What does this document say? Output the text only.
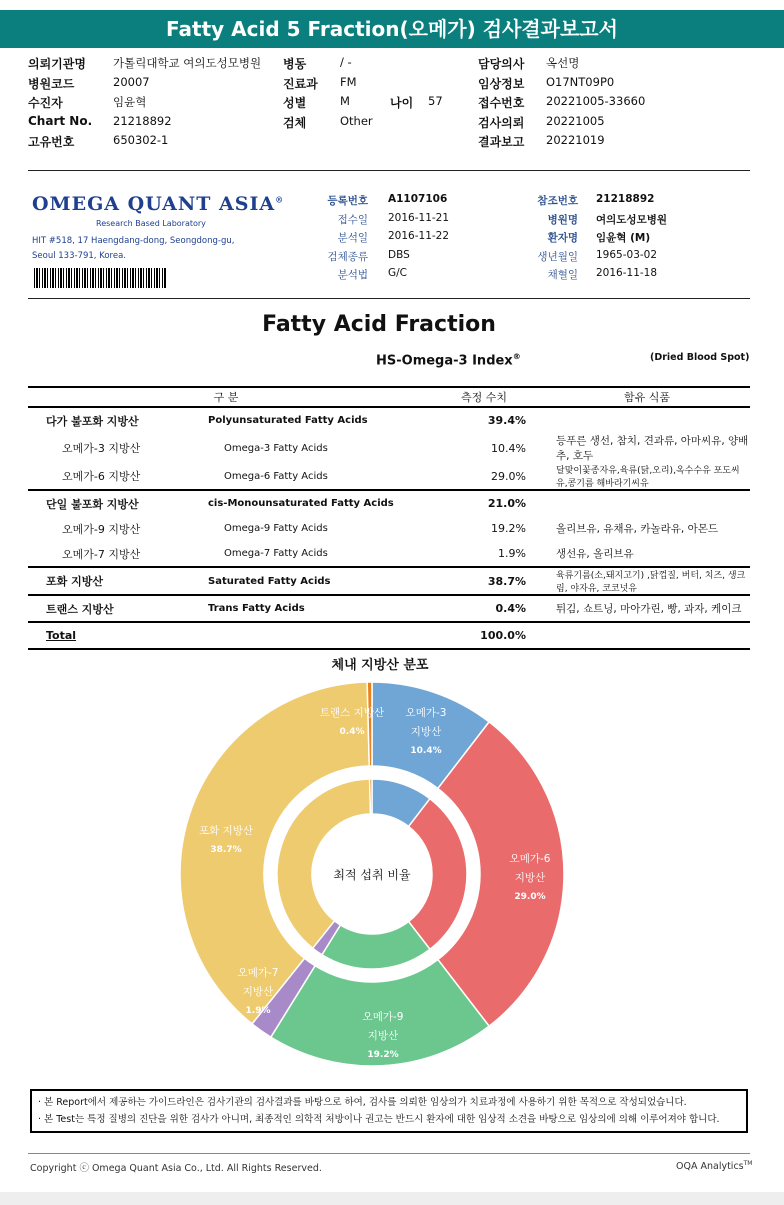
Fatty Acid 5 Fraction(오메가) 검사결과보고서
의뢰기관명 가톨릭대학교 여의도성모병원 병동	/ -	담당의사 옥선명
병원코드	20007	진료과 FM	임상정보 O17NT09P0
수진자	임윤혁	성별	M	나이 57	접수번호 20221005-33660
Chart No. 21218892	검체	Other	검사의뢰 20221005
고유번호	650302-1	결과보고 20221019
OMEGA QUANT ASIA®
Research Based Laboratory
HIT #518, 17 Haengdang-dong, Seongdong-gu,
Seoul 133-791, Korea.
등록번호 A1107106
접수일 2016-11-21
분석일 2016-11-22
검체종류 DBS
분석법 G/C
참조번호 21218892
병원명 여의도성모병원
환자명 임윤혁 (M)
생년월일 1965-03-02
채혈일 2016-11-18
Fatty Acid Fraction
HS-Omega-3 Index®	(Dried Blood Spot)
구 분		측정 수치	함유 식품
다가 불포화 지방산	Polyunsaturated Fatty Acids	39.4%	
오메가-3 지방산	Omega-3 Fatty Acids	10.4%	등푸른 생선, 참치, 견과류, 아마씨유, 양배추, 호두
오메가-6 지방산	Omega-6 Fatty Acids	29.0%	달맞이꽃종자유,육류(닭,오리),옥수수유 포도씨유,콩기름 해바라기씨유
단일 불포화 지방산	cis-Monounsaturated Fatty Acids	21.0%	
오메가-9 지방산	Omega-9 Fatty Acids	19.2%	올리브유, 유채유, 카놀라유, 아몬드
오메가-7 지방산	Omega-7 Fatty Acids	1.9%	생선유, 올리브유
포화 지방산	Saturated Fatty Acids	38.7%	육류기름(소,돼지고기) ,닭껍질, 버터, 치즈, 생크림, 야자유, 코코넛유
트랜스 지방산	Trans Fatty Acids	0.4%	튀김, 쇼트닝, 마아가린, 빵, 과자, 케이크
Total		100.0%	
체내 지방산 분포
최적 섭취 비율
오메가-3
지방산
10.4%
오메가-6
지방산
29.0%
오메가-9
지방산
19.2%
오메가-7
지방산
1.9%
포화 지방산
38.7%
트랜스 지방산
0.4%
· 본 Report에서 제공하는 가이드라인은 검사기관의 검사결과를 바탕으로 하여, 검사를 의뢰한 임상의가 치료과정에 사용하기 위한 목적으로 작성되었습니다.
· 본 Test는 특정 질병의 진단을 위한 검사가 아니며, 최종적인 의학적 처방이나 권고는 반드시 환자에 대한 임상적 소견을 바탕으로 임상의에 의해 이루어져야 합니다.
Copyright ⓒ Omega Quant Asia Co., Ltd. All Rights Reserved.	OQA Analytics™
